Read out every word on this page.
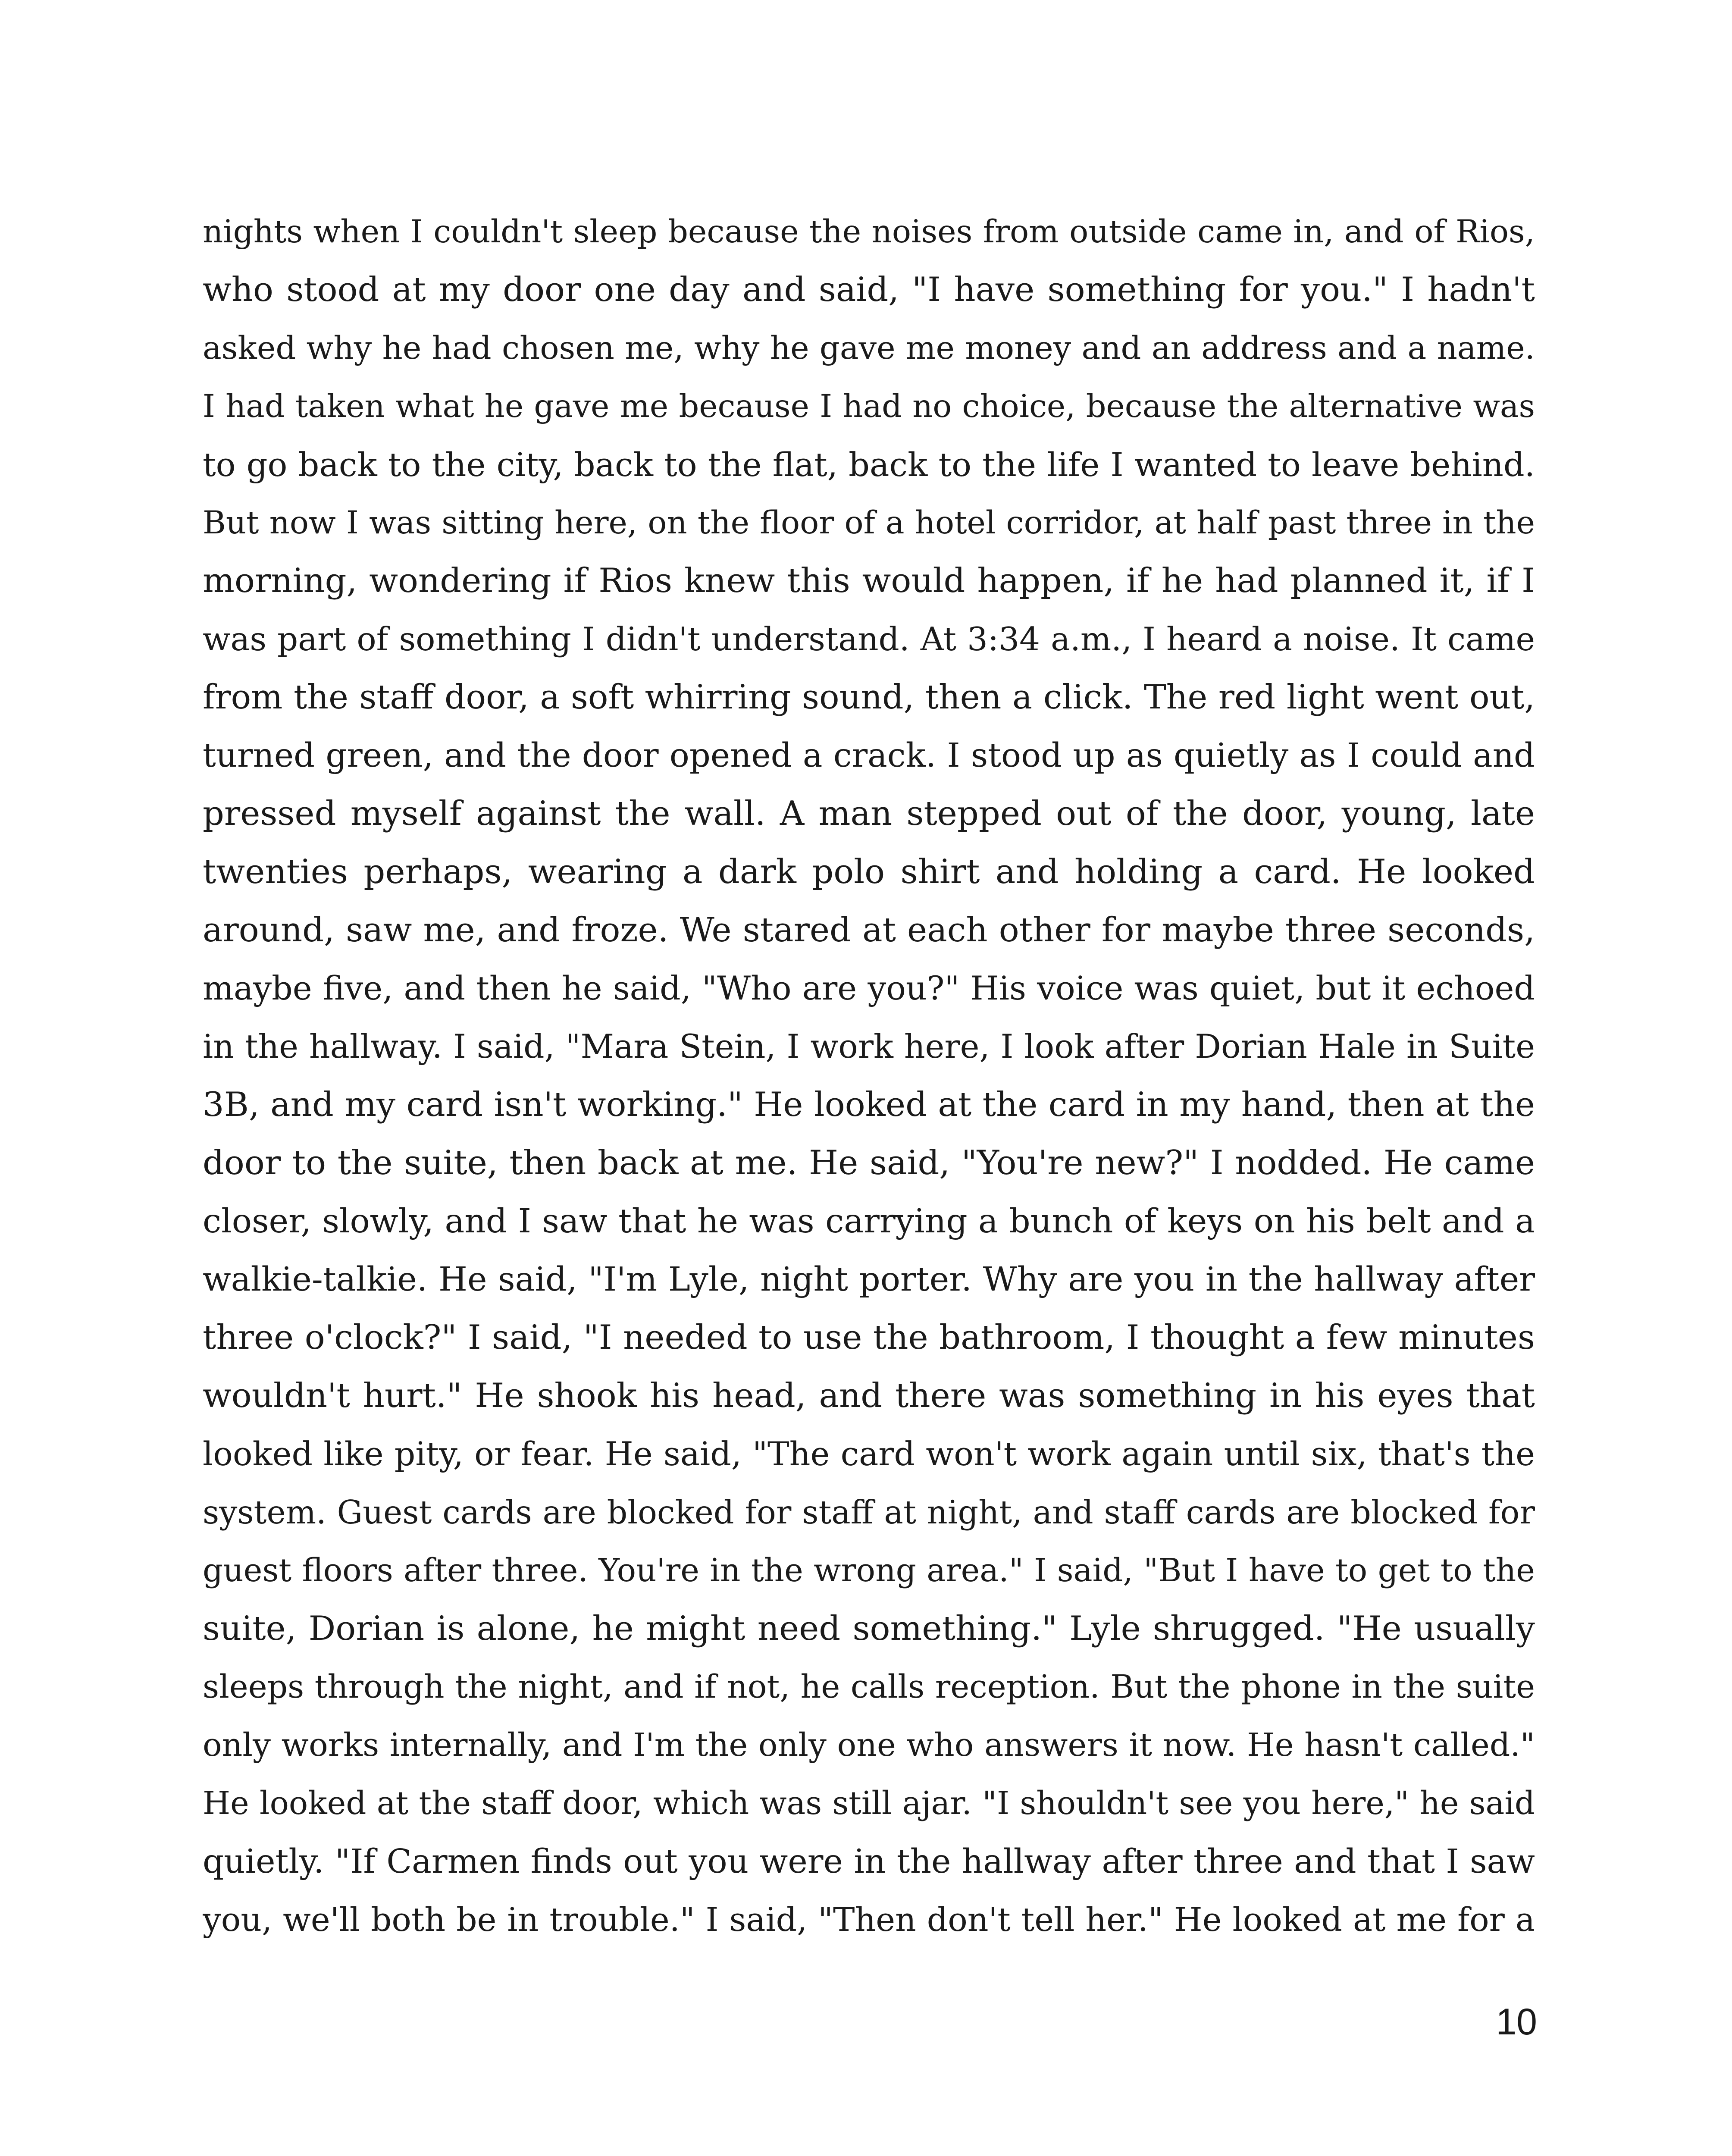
nights when I couldn't sleep because the noises from outside came in, and of Rios,
who stood at my door one day and said, "I have something for you." I hadn't
asked why he had chosen me, why he gave me money and an address and a name.
I had taken what he gave me because I had no choice, because the alternative was
to go back to the city, back to the flat, back to the life I wanted to leave behind.
But now I was sitting here, on the floor of a hotel corridor, at half past three in the
morning, wondering if Rios knew this would happen, if he had planned it, if I
was part of something I didn't understand. At 3:34 a.m., I heard a noise. It came
from the staff door, a soft whirring sound, then a click. The red light went out,
turned green, and the door opened a crack. I stood up as quietly as I could and
pressed myself against the wall. A man stepped out of the door, young, late
twenties perhaps, wearing a dark polo shirt and holding a card. He looked
around, saw me, and froze. We stared at each other for maybe three seconds,
maybe five, and then he said, "Who are you?" His voice was quiet, but it echoed
in the hallway. I said, "Mara Stein, I work here, I look after Dorian Hale in Suite
3B, and my card isn't working." He looked at the card in my hand, then at the
door to the suite, then back at me. He said, "You're new?" I nodded. He came
closer, slowly, and I saw that he was carrying a bunch of keys on his belt and a
walkie-talkie. He said, "I'm Lyle, night porter. Why are you in the hallway after
three o'clock?" I said, "I needed to use the bathroom, I thought a few minutes
wouldn't hurt." He shook his head, and there was something in his eyes that
looked like pity, or fear. He said, "The card won't work again until six, that's the
system. Guest cards are blocked for staff at night, and staff cards are blocked for
guest floors after three. You're in the wrong area." I said, "But I have to get to the
suite, Dorian is alone, he might need something." Lyle shrugged. "He usually
sleeps through the night, and if not, he calls reception. But the phone in the suite
only works internally, and I'm the only one who answers it now. He hasn't called."
He looked at the staff door, which was still ajar. "I shouldn't see you here," he said
quietly. "If Carmen finds out you were in the hallway after three and that I saw
you, we'll both be in trouble." I said, "Then don't tell her." He looked at me for a
10
